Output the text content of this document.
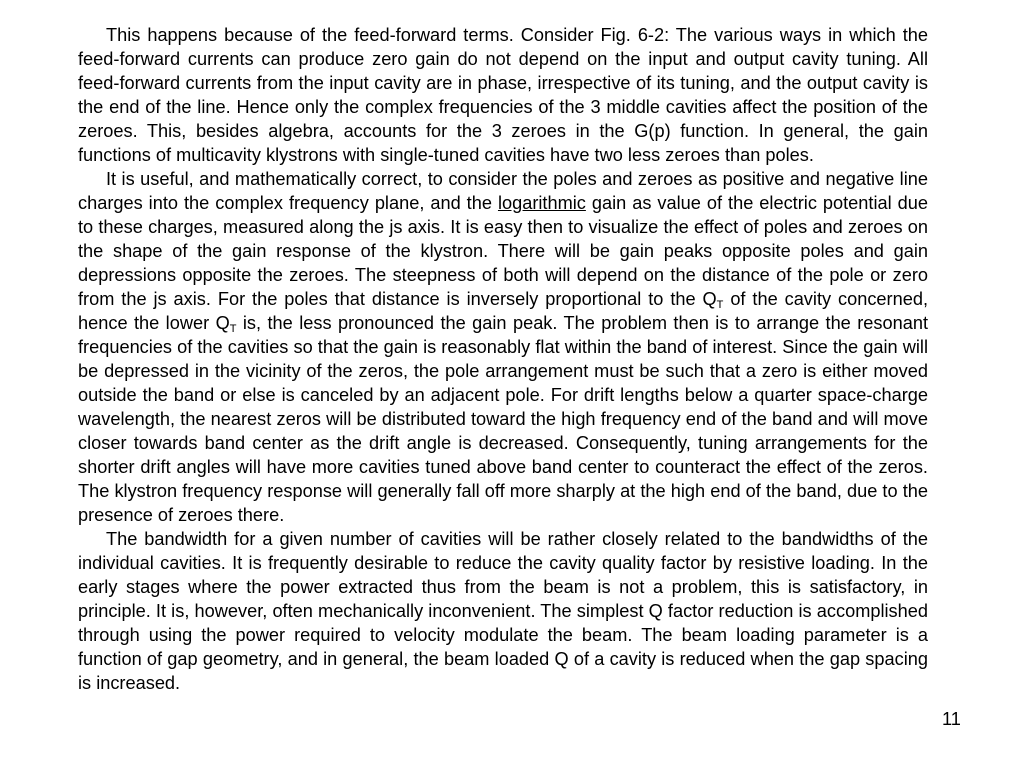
This happens because of the feed-forward terms. Consider Fig. 6-2: The various ways in which the feed-forward currents can produce zero gain do not depend on the input and output cavity tuning. All feed-forward currents from the input cavity are in phase, irrespective of its tuning, and the output cavity is the end of the line. Hence only the complex frequencies of the 3 middle cavities affect the position of the zeroes. This, besides algebra, accounts for the 3 zeroes in the G(p) function. In general, the gain functions of multicavity klystrons with single-tuned cavities have two less zeroes than poles.

It is useful, and mathematically correct, to consider the poles and zeroes as positive and negative line charges into the complex frequency plane, and the logarithmic gain as value of the electric potential due to these charges, measured along the js axis. It is easy then to visualize the effect of poles and zeroes on the shape of the gain response of the klystron. There will be gain peaks opposite poles and gain depressions opposite the zeroes. The steepness of both will depend on the distance of the pole or zero from the js axis. For the poles that distance is inversely proportional to the $Q_T$ of the cavity concerned, hence the lower $Q_T$ is, the less pronounced the gain peak. The problem then is to arrange the resonant frequencies of the cavities so that the gain is reasonably flat within the band of interest. Since the gain will be depressed in the vicinity of the zeros, the pole arrangement must be such that a zero is either moved outside the band or else is canceled by an adjacent pole. For drift lengths below a quarter space-charge wavelength, the nearest zeros will be distributed toward the high frequency end of the band and will move closer towards band center as the drift angle is decreased. Consequently, tuning arrangements for the shorter drift angles will have more cavities tuned above band center to counteract the effect of the zeros. The klystron frequency response will generally fall off more sharply at the high end of the band, due to the presence of zeroes there.

The bandwidth for a given number of cavities will be rather closely related to the bandwidths of the individual cavities. It is frequently desirable to reduce the cavity quality factor by resistive loading. In the early stages where the power extracted thus from the beam is not a problem, this is satisfactory, in principle. It is, however, often mechanically inconvenient. The simplest Q factor reduction is accomplished through using the power required to velocity modulate the beam. The beam loading parameter is a function of gap geometry, and in general, the beam loaded Q of a cavity is reduced when the gap spacing is increased.

11
